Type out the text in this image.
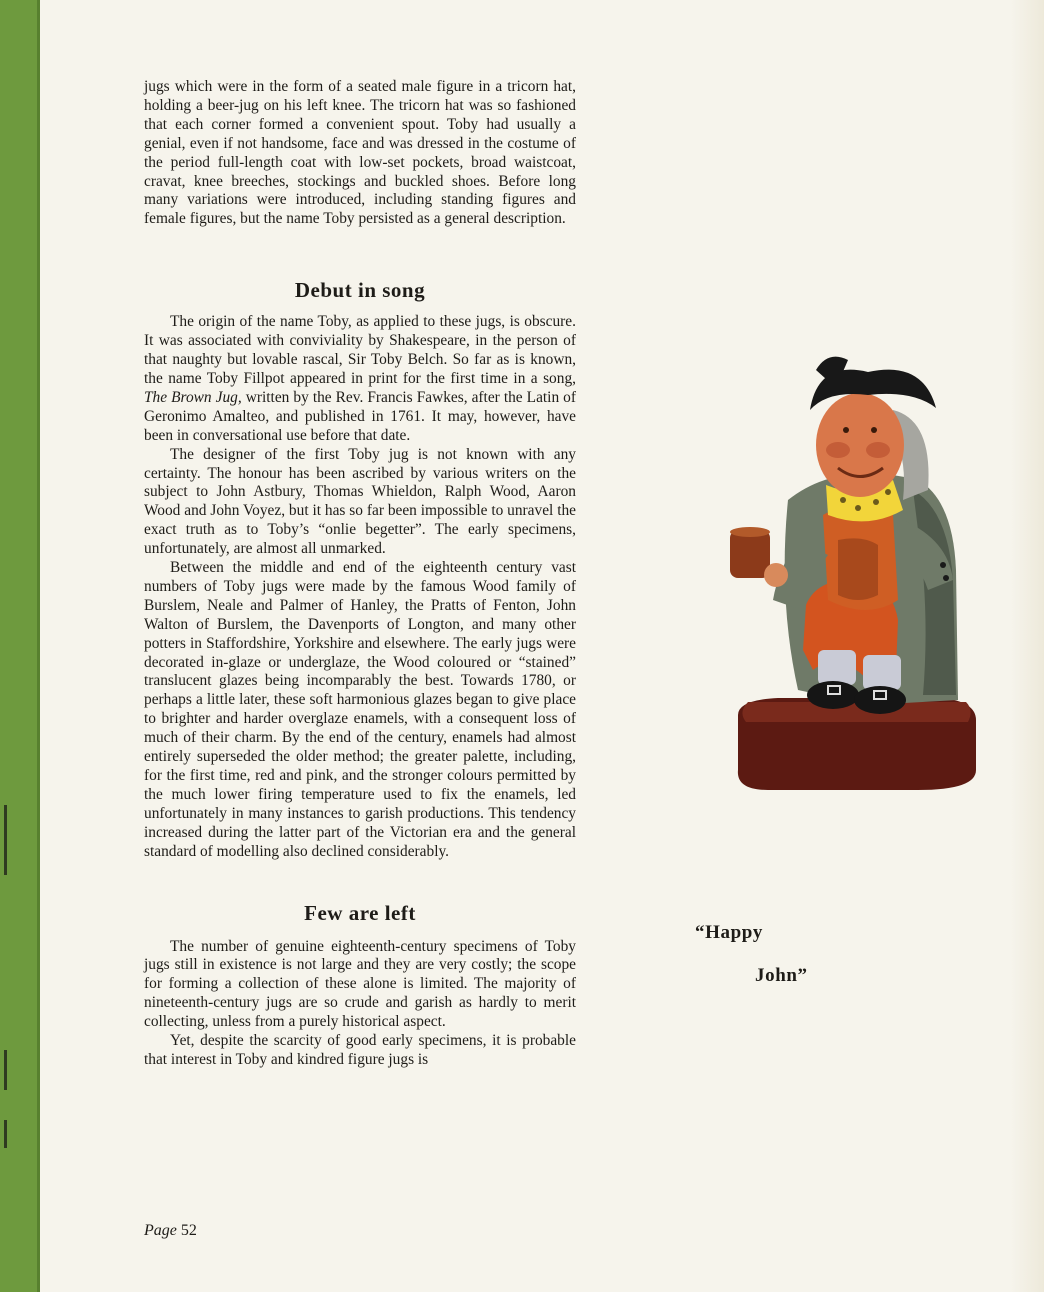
jugs which were in the form of a seated male figure in a tricorn hat, holding a beer-jug on his left knee. The tricorn hat was so fashioned that each corner formed a convenient spout. Toby had usually a genial, even if not handsome, face and was dressed in the costume of the period full-length coat with low-set pockets, broad waistcoat, cravat, knee breeches, stockings and buckled shoes. Before long many variations were introduced, including standing figures and female figures, but the name Toby persisted as a general description.

Debut in song

The origin of the name Toby, as applied to these jugs, is obscure. It was associated with conviviality by Shakespeare, in the person of that naughty but lovable rascal, Sir Toby Belch. So far as is known, the name Toby Fillpot appeared in print for the first time in a song, The Brown Jug, written by the Rev. Francis Fawkes, after the Latin of Geronimo Amalteo, and published in 1761. It may, however, have been in conversational use before that date.

The designer of the first Toby jug is not known with any certainty. The honour has been ascribed by various writers on the subject to John Astbury, Thomas Whieldon, Ralph Wood, Aaron Wood and John Voyez, but it has so far been impossible to unravel the exact truth as to Toby’s “onlie begetter”. The early specimens, unfortunately, are almost all unmarked.

Between the middle and end of the eighteenth century vast numbers of Toby jugs were made by the famous Wood family of Burslem, Neale and Palmer of Hanley, the Pratts of Fenton, John Walton of Burslem, the Davenports of Longton, and many other potters in Staffordshire, Yorkshire and elsewhere. The early jugs were decorated in-glaze or underglaze, the Wood coloured or “stained” translucent glazes being incomparably the best. Towards 1780, or perhaps a little later, these soft harmonious glazes began to give place to brighter and harder overglaze enamels, with a consequent loss of much of their charm. By the end of the century, enamels had almost entirely superseded the older method; the greater palette, including, for the first time, red and pink, and the stronger colours permitted by the much lower firing temperature used to fix the enamels, led unfortunately in many instances to garish productions. This tendency increased during the latter part of the Victorian era and the general standard of modelling also declined considerably.

Few are left

The number of genuine eighteenth-century specimens of Toby jugs still in existence is not large and they are very costly; the scope for forming a collection of these alone is limited. The majority of nineteenth-century jugs are so crude and garish as hardly to merit collecting, unless from a purely historical aspect.

Yet, despite the scarcity of good early specimens, it is probable that interest in Toby and kindred figure jugs is

Page 52
“Happy
John”
